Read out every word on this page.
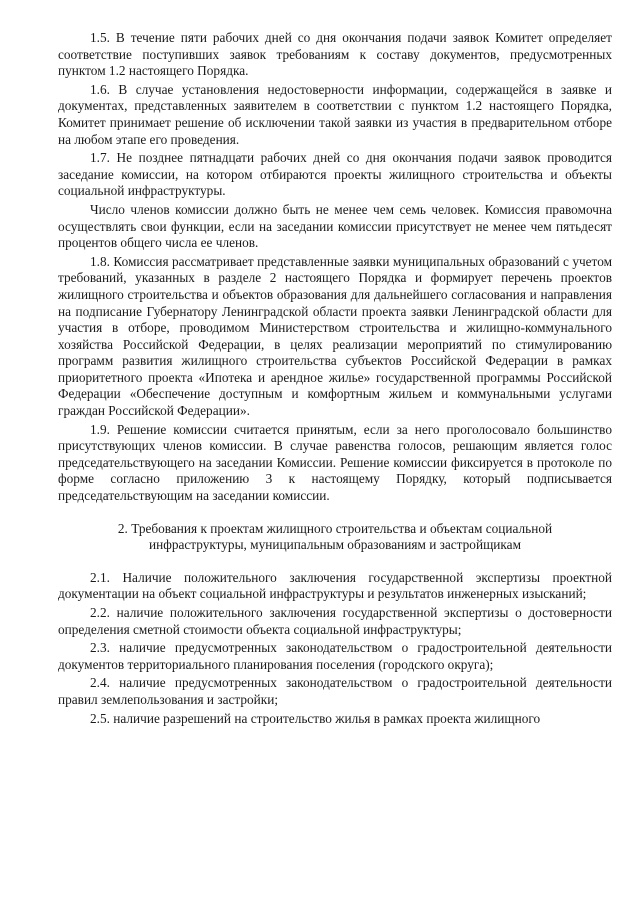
1.5. В течение пяти рабочих дней со дня окончания подачи заявок Комитет определяет соответствие поступивших заявок требованиям к составу документов, предусмотренных пунктом 1.2 настоящего Порядка.

1.6. В случае установления недостоверности информации, содержащейся в заявке и документах, представленных заявителем в соответствии с пунктом 1.2 настоящего Порядка, Комитет принимает решение об исключении такой заявки из участия в предварительном отборе на любом этапе его проведения.

1.7. Не позднее пятнадцати рабочих дней со дня окончания подачи заявок проводится заседание комиссии, на котором отбираются проекты жилищного строительства и объекты социальной инфраструктуры.

Число членов комиссии должно быть не менее чем семь человек. Комиссия правомочна осуществлять свои функции, если на заседании комиссии присутствует не менее чем пятьдесят процентов общего числа ее членов.

1.8. Комиссия рассматривает представленные заявки муниципальных образований с учетом требований, указанных в разделе 2 настоящего Порядка и формирует перечень проектов жилищного строительства и объектов образования для дальнейшего согласования и направления на подписание Губернатору Ленинградской области проекта заявки Ленинградской области для участия в отборе, проводимом Министерством строительства и жилищно-коммунального хозяйства Российской Федерации, в целях реализации мероприятий по стимулированию программ развития жилищного строительства субъектов Российской Федерации в рамках приоритетного проекта «Ипотека и арендное жилье» государственной программы Российской Федерации «Обеспечение доступным и комфортным жильем и коммунальными услугами граждан Российской Федерации».

1.9. Решение комиссии считается принятым, если за него проголосовало большинство присутствующих членов комиссии. В случае равенства голосов, решающим является голос председательствующего на заседании Комиссии. Решение комиссии фиксируется в протоколе по форме согласно приложению 3 к настоящему Порядку, который подписывается председательствующим на заседании комиссии.

2. Требования к проектам жилищного строительства и объектам социальной инфраструктуры, муниципальным образованиям и застройщикам

2.1. Наличие положительного заключения государственной экспертизы проектной документации на объект социальной инфраструктуры и результатов инженерных изысканий;

2.2. наличие положительного заключения государственной экспертизы о достоверности определения сметной стоимости объекта социальной инфраструктуры;

2.3. наличие предусмотренных законодательством о градостроительной деятельности документов территориального планирования поселения (городского округа);

2.4. наличие предусмотренных законодательством о градостроительной деятельности правил землепользования и застройки;

2.5. наличие разрешений на строительство жилья в рамках проекта жилищного
